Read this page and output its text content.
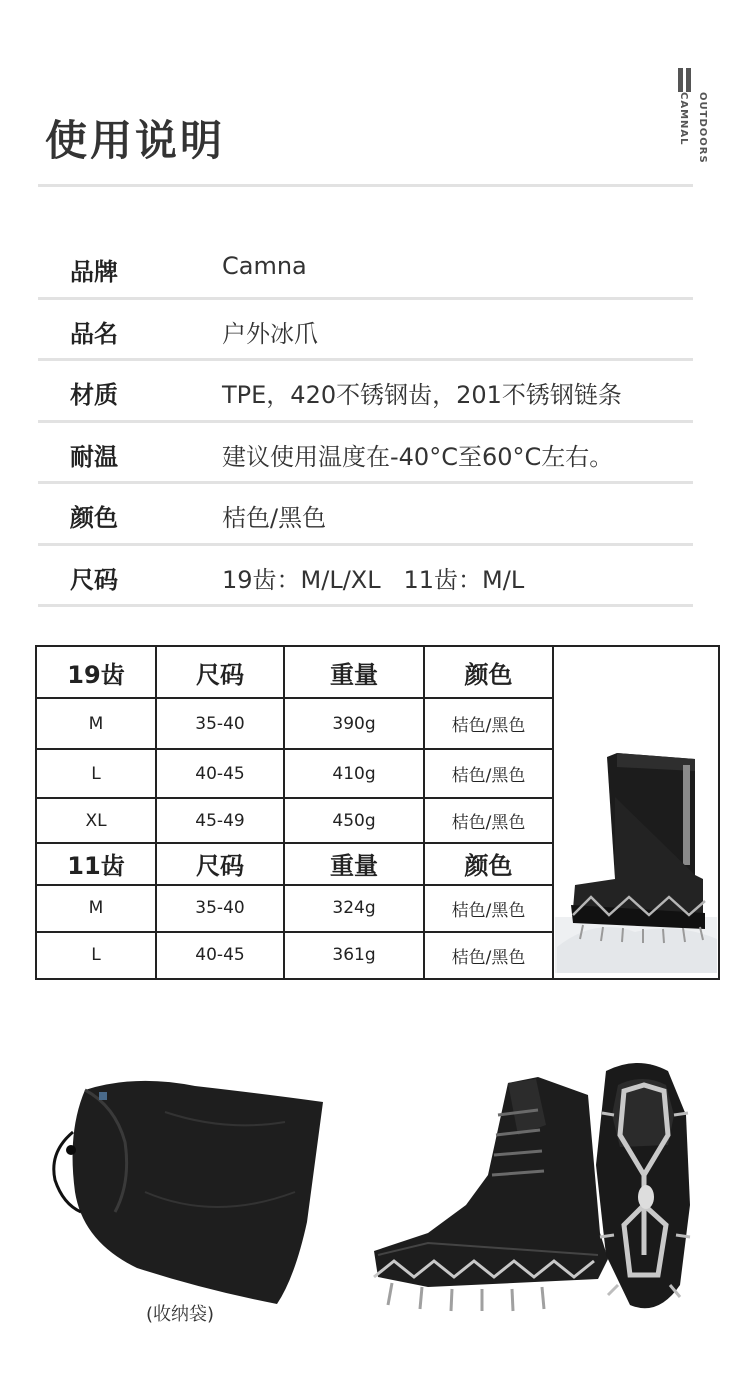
使用说明	OUTDOORS
CAMNAL
品牌	Camna
品名	户外冰爪
材质	TPE，420不锈钢齿，201不锈钢链条
耐温	建议使用温度在-40°C至60°C左右。
颜色	桔色/黑色
尺码	19齿：M/L/XL   11齿：M/L
19齿	尺码	重量	颜色	
M	35-40	390g	桔色/黑色	
L	40-45	410g	桔色/黑色	
XL	45-49	450g	桔色/黑色	
11齿	尺码	重量	颜色	
M	35-40	324g	桔色/黑色	
L	40-45	361g	桔色/黑色	
(收纳袋)
